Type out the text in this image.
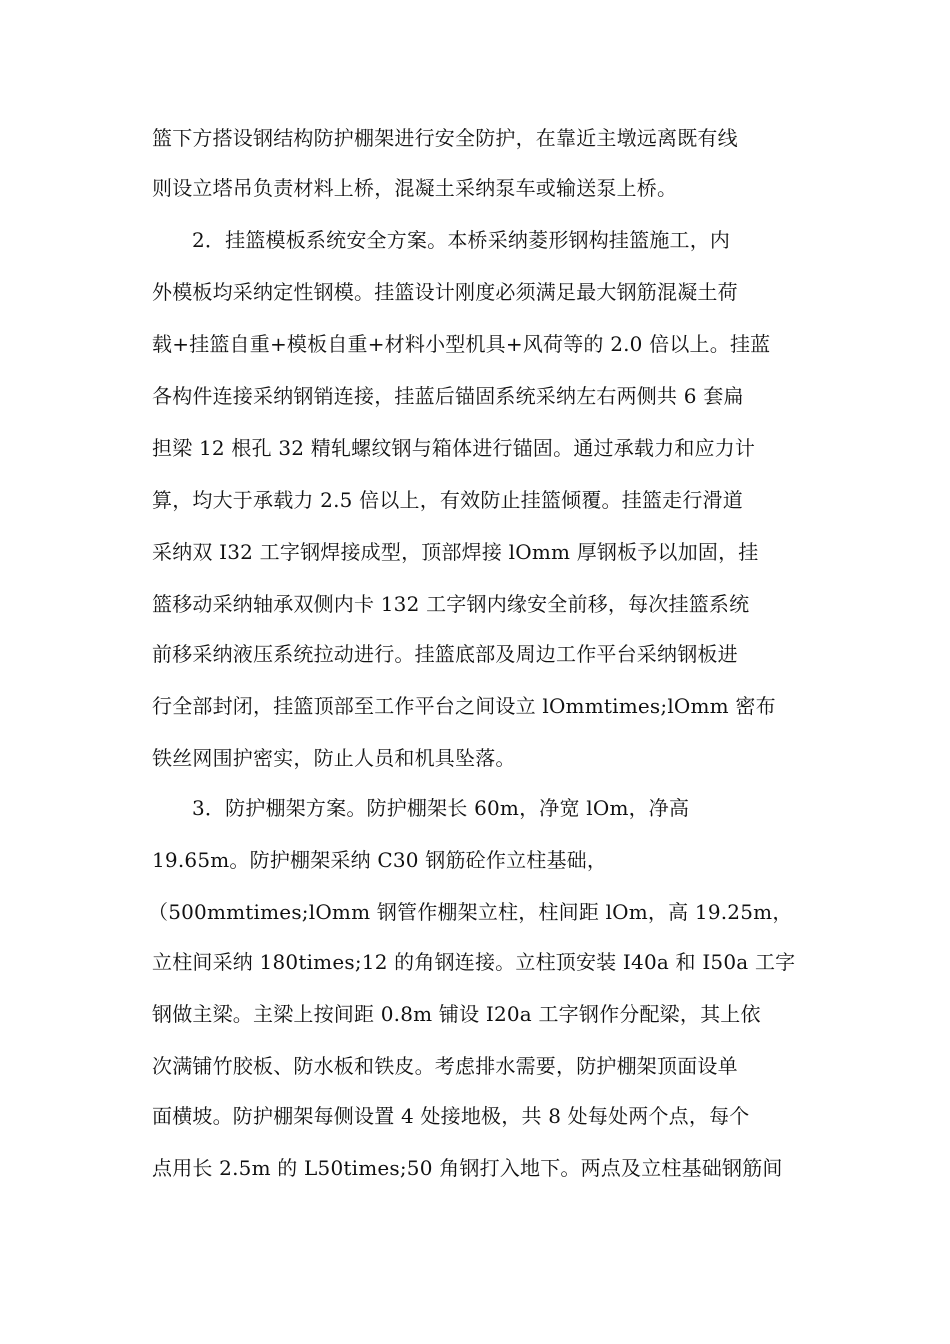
篮下方搭设钢结构防护棚架进行安全防护，在靠近主墩远离既有线
则设立塔吊负责材料上桥，混凝土采纳泵车或输送泵上桥。
2．挂篮模板系统安全方案。本桥采纳菱形钢构挂篮施工，内
外模板均采纳定性钢模。挂篮设计刚度必须满足最大钢筋混凝土荷
载+挂篮自重+模板自重+材料小型机具+风荷等的 2.0 倍以上。挂蓝
各构件连接采纳钢销连接，挂蓝后锚固系统采纳左右两侧共 6 套扁
担梁 12 根孔 32 精轧螺纹钢与箱体进行锚固。通过承载力和应力计
算，均大于承载力 2.5 倍以上，有效防止挂篮倾覆。挂篮走行滑道
采纳双 I32 工字钢焊接成型，顶部焊接 lOmm 厚钢板予以加固，挂
篮移动采纳轴承双侧内卡 132 工字钢内缘安全前移，每次挂篮系统
前移采纳液压系统拉动进行。挂篮底部及周边工作平台采纳钢板进
行全部封闭，挂篮顶部至工作平台之间设立 lOmmtimes;lOmm 密布
铁丝网围护密实，防止人员和机具坠落。
3．防护棚架方案。防护棚架长 60m，净宽 lOm，净高
19.65m。防护棚架采纳 C30 钢筋砼作立柱基础，
（500mmtimes;lOmm 钢管作棚架立柱，柱间距 lOm，高 19.25m，
立柱间采纳 180times;12 的角钢连接。立柱顶安装 I40a 和 I50a 工字
钢做主梁。主梁上按间距 0.8m 铺设 I20a 工字钢作分配梁，其上依
次满铺竹胶板、防水板和铁皮。考虑排水需要，防护棚架顶面设单
面横坡。防护棚架每侧设置 4 处接地极，共 8 处每处两个点，每个
点用长 2.5m 的 L50times;50 角钢打入地下。两点及立柱基础钢筋间
